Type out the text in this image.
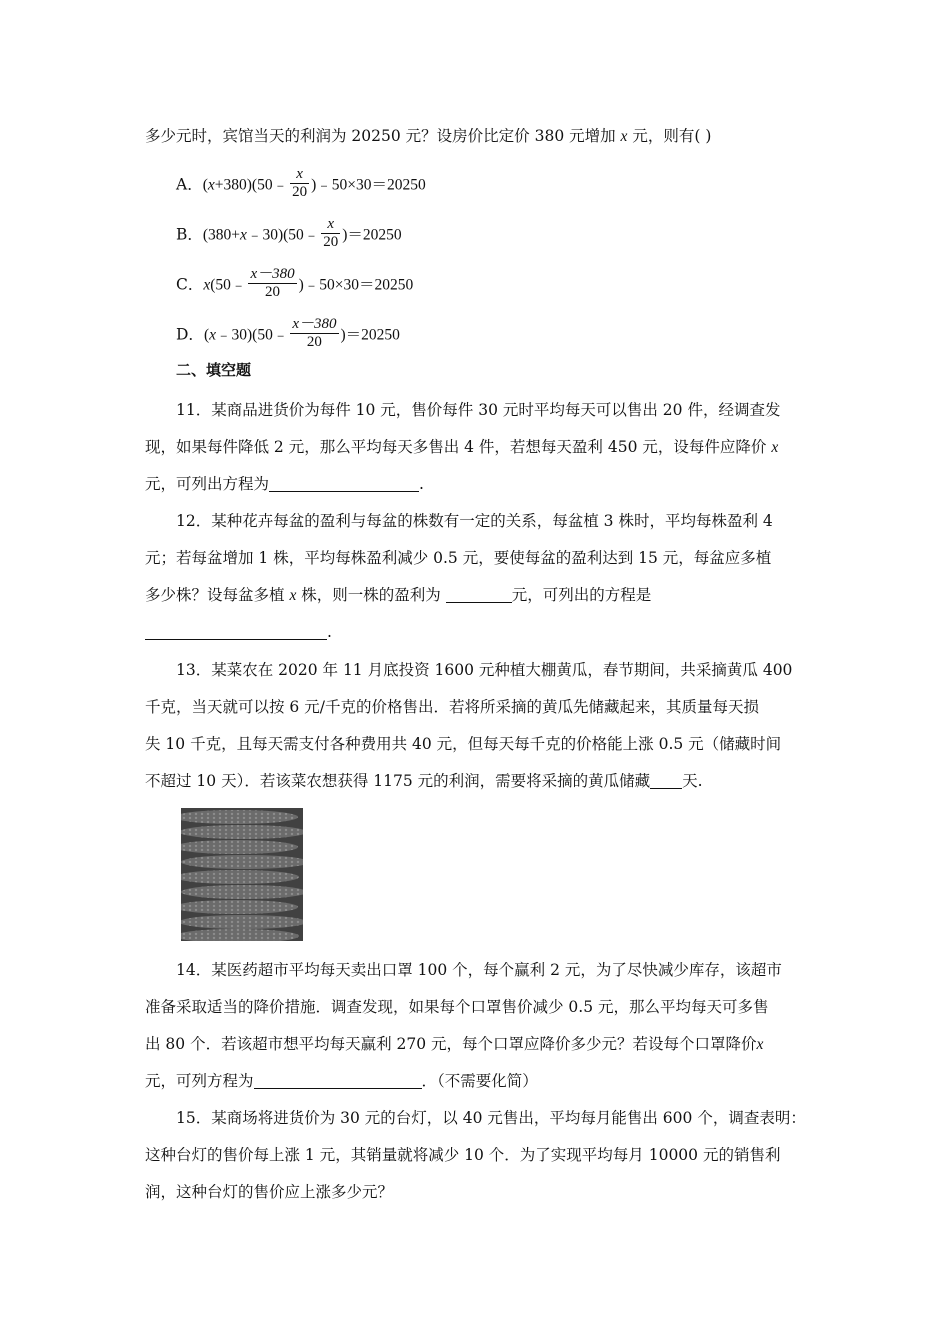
多少元时，宾馆当天的利润为 20250 元？设房价比定价 380 元增加 x 元，则有( )
A．(x+380)(50﹣ $\frac{x}{20}$ )﹣50×30＝20250
B．(380+x﹣30)(50﹣ $\frac{x}{20} )=20250$
C．x(50﹣ $\frac{x-380}{20}$ )﹣50×30＝20250
D．(x﹣30)(50﹣ $\frac{x-380}{20} )=20250$
二、填空题
11．某商品进货价为每件 10 元，售价每件 30 元时平均每天可以售出 20 件，经调查发
现，如果每件降低 2 元，那么平均每天多售出 4 件，若想每天盈利 450 元，设每件应降价 x
元，可列出方程为	.
12．某种花卉每盆的盈利与每盆的株数有一定的关系，每盆植 3 株时，平均每株盈利 4
元；若每盆增加 1 株，平均每株盈利减少 0.5 元，要使每盆的盈利达到 15 元，每盆应多植
多少株？设每盆多植 x 株，则一株的盈利为	元，可列出的方程是
.
13．某菜农在 2020 年 11 月底投资 1600 元种植大棚黄瓜，春节期间，共采摘黄瓜 400
千克，当天就可以按 6 元/千克的价格售出．若将所采摘的黄瓜先储藏起来，其质量每天损
失 10 千克，且每天需支付各种费用共 40 元，但每天每千克的价格能上涨 0.5 元（储藏时间
不超过 10 天）．若该菜农想获得 1175 元的利润，需要将采摘的黄瓜储藏 天.
14．某医药超市平均每天卖出口罩 100 个，每个赢利 2 元，为了尽快减少库存，该超市
准备采取适当的降价措施．调查发现，如果每个口罩售价减少 0.5 元，那么平均每天可多售
出 80 个．若该超市想平均每天赢利 270 元，每个口罩应降价多少元？若设每个口罩降价x
元，可列方程为	．（不需要化简）
15．某商场将进货价为 30 元的台灯，以 40 元售出，平均每月能售出 600 个，调查表明：
这种台灯的售价每上涨 1 元，其销量就将减少 10 个．为了实现平均每月 10000 元的销售利
润，这种台灯的售价应上涨多少元？
